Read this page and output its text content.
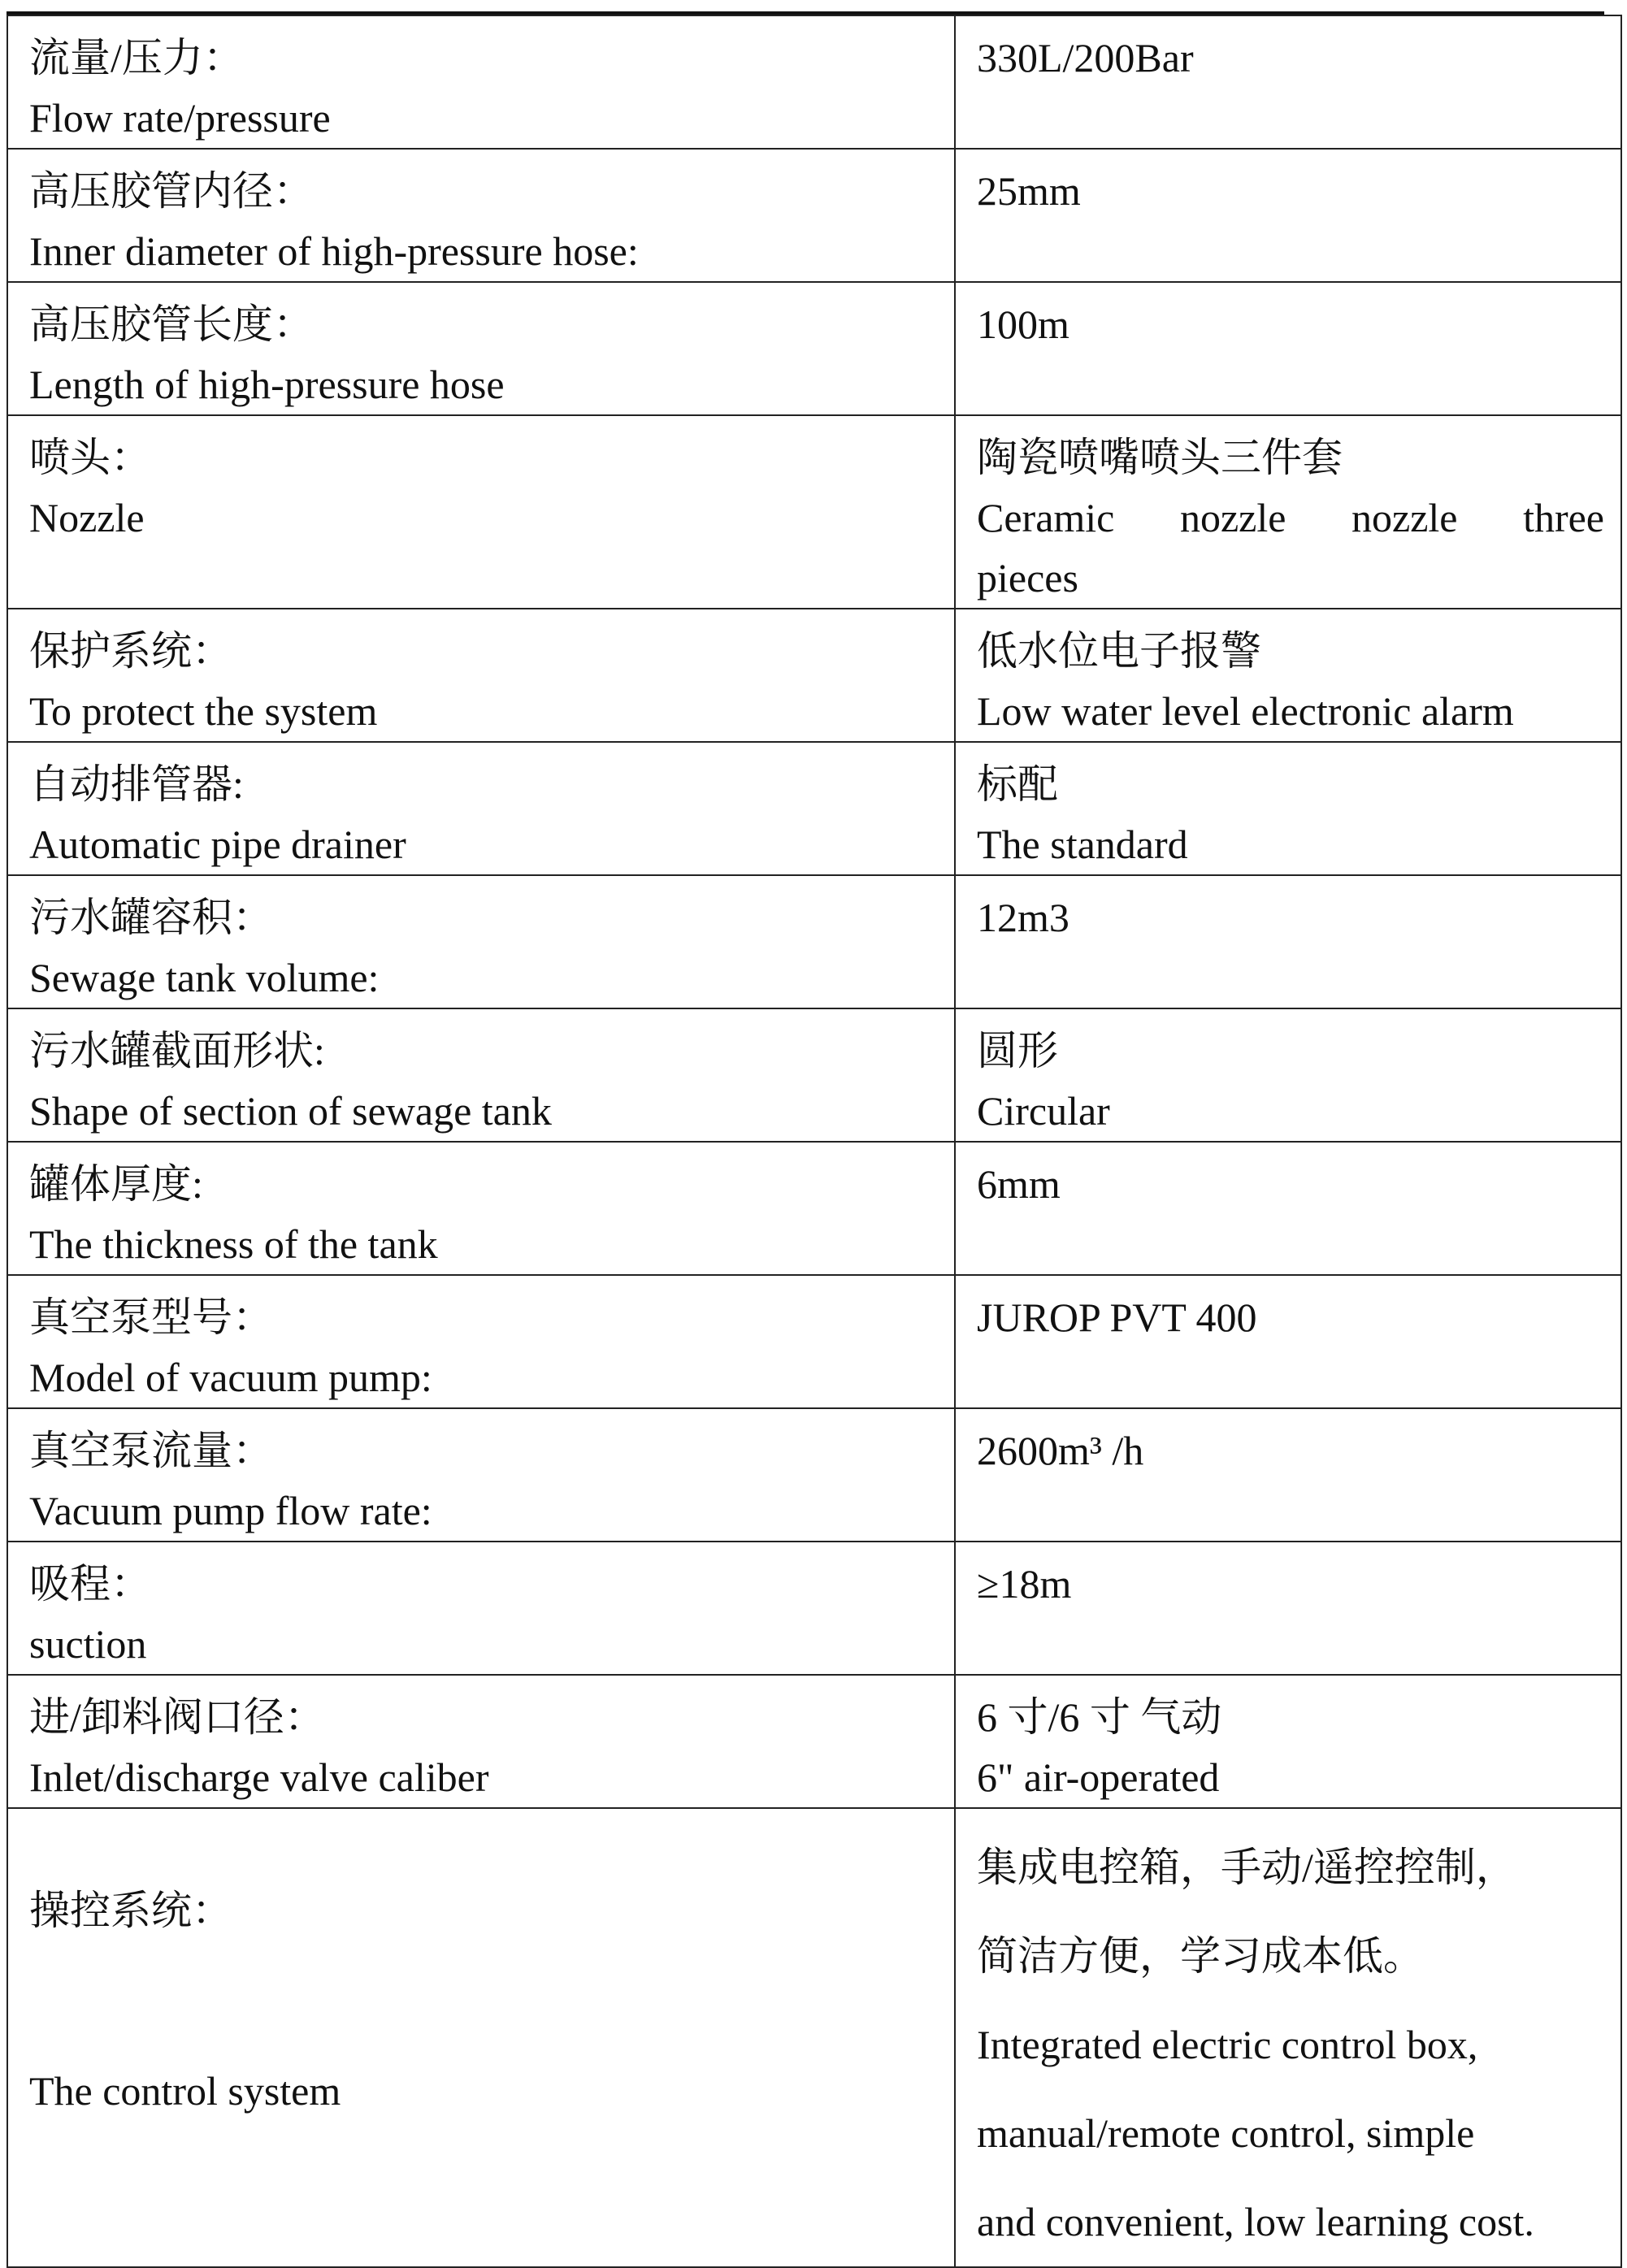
流量/压力：
Flow rate/pressure	330L/200Bar

高压胶管内径：
Inner diameter of high-pressure hose:	25mm

高压胶管长度：
Length of high-pressure hose	100m

喷头：
Nozzle	陶瓷喷嘴喷头三件套
Ceramic nozzle nozzle three
pieces

保护系统：
To protect the system	低水位电子报警
Low water level electronic alarm

自动排管器:
Automatic pipe drainer	标配
The standard

污水罐容积：
Sewage tank volume:	12m3

污水罐截面形状:
Shape of section of sewage tank	圆形
Circular

罐体厚度:
The thickness of the tank	6mm

真空泵型号：
Model of vacuum pump:	JUROP PVT 400

真空泵流量：
Vacuum pump flow rate:	2600m³ /h

吸程：
suction	≥18m

进/卸料阀口径：
Inlet/discharge valve caliber	6 寸/6 寸 气动
6" air-operated

操控系统：
The control system	集成电控箱，手动/遥控控制，
简洁方便，学习成本低。
Integrated electric control box,
manual/remote control, simple
and convenient, low learning cost.
